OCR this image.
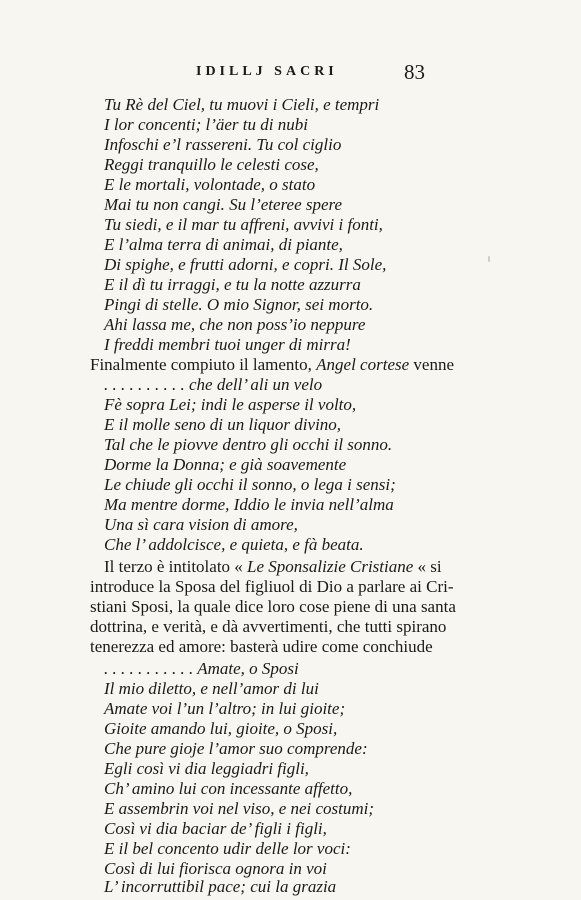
IDILLJ SACRI	83
Tu Rè del Ciel, tu muovi i Cieli, e tempri
I lor concenti; l’äer tu di nubi
Infoschi e’l rassereni. Tu col ciglio
Reggi tranquillo le celesti cose,
E le mortali, volontade, o stato
Mai tu non cangi. Su l’eteree spere
Tu siedi, e il mar tu affreni, avvivi i fonti,
E l’alma terra di animai, di piante,
Di spighe, e frutti adorni, e copri. Il Sole,
E il dì tu irraggi, e tu la notte azzurra
Pingi di stelle. O mio Signor, sei morto.
Ahi lassa me, che non poss’io neppure
I freddi membri tuoi unger di mirra!
Finalmente compiuto il lamento, Angel cortese venne
. . . . . . . . . . che dell’ ali un velo
Fè sopra Lei; indi le asperse il volto,
E il molle seno di un liquor divino,
Tal che le piovve dentro gli occhi il sonno.
Dorme la Donna; e già soavemente
Le chiude gli occhi il sonno, o lega i sensi;
Ma mentre dorme, Iddio le invia nell’alma
Una sì cara vision di amore,
Che l’ addolcisce, e quieta, e fà beata.
Il terzo è intitolato « Le Sponsalizie Cristiane « si
introduce la Sposa del figliuol di Dio a parlare ai Cri-
stiani Sposi, la quale dice loro cose piene di una santa
dottrina, e verità, e dà avvertimenti, che tutti spirano
tenerezza ed amore: basterà udire come conchiude
. . . . . . . . . . . Amate, o Sposi
Il mio diletto, e nell’amor di lui
Amate voi l’un l’altro; in lui gioite;
Gioite amando lui, gioite, o Sposi,
Che pure gioje l’amor suo comprende:
Egli così vi dia leggiadri figli,
Ch’ amino lui con incessante affetto,
E assembrin voi nel viso, e nei costumi;
Così vi dia baciar de’ figli i figli,
E il bel concento udir delle lor voci:
Così di lui fiorisca ognora in voi
L’ incorruttibil pace; cui la grazia
